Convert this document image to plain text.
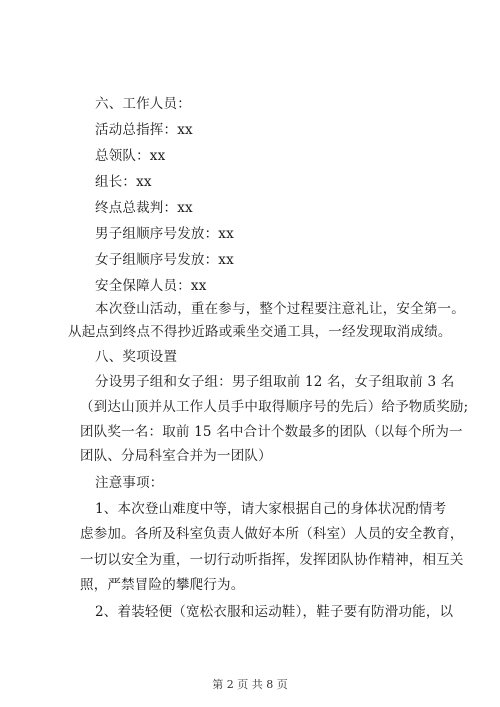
六、工作人员：
活动总指挥：xx
总领队：xx
组长：xx
终点总裁判：xx
男子组顺序号发放：xx
女子组顺序号发放：xx
安全保障人员：xx
本次登山活动，重在参与，整个过程要注意礼让，安全第一。
从起点到终点不得抄近路或乘坐交通工具，一经发现取消成绩。
八、奖项设置
分设男子组和女子组：男子组取前 12 名，女子组取前 3 名
（到达山顶并从工作人员手中取得顺序号的先后）给予物质奖励;
团队奖一名：取前 15 名中合计个数最多的团队（以每个所为一
团队、分局科室合并为一团队）
注意事项：
1、本次登山难度中等，请大家根据自己的身体状况酌情考
虑参加。各所及科室负责人做好本所（科室）人员的安全教育，
一切以安全为重，一切行动听指挥，发挥团队协作精神，相互关
照，严禁冒险的攀爬行为。
2、着装轻便（宽松衣服和运动鞋），鞋子要有防滑功能，以
第 2 页 共 8 页
